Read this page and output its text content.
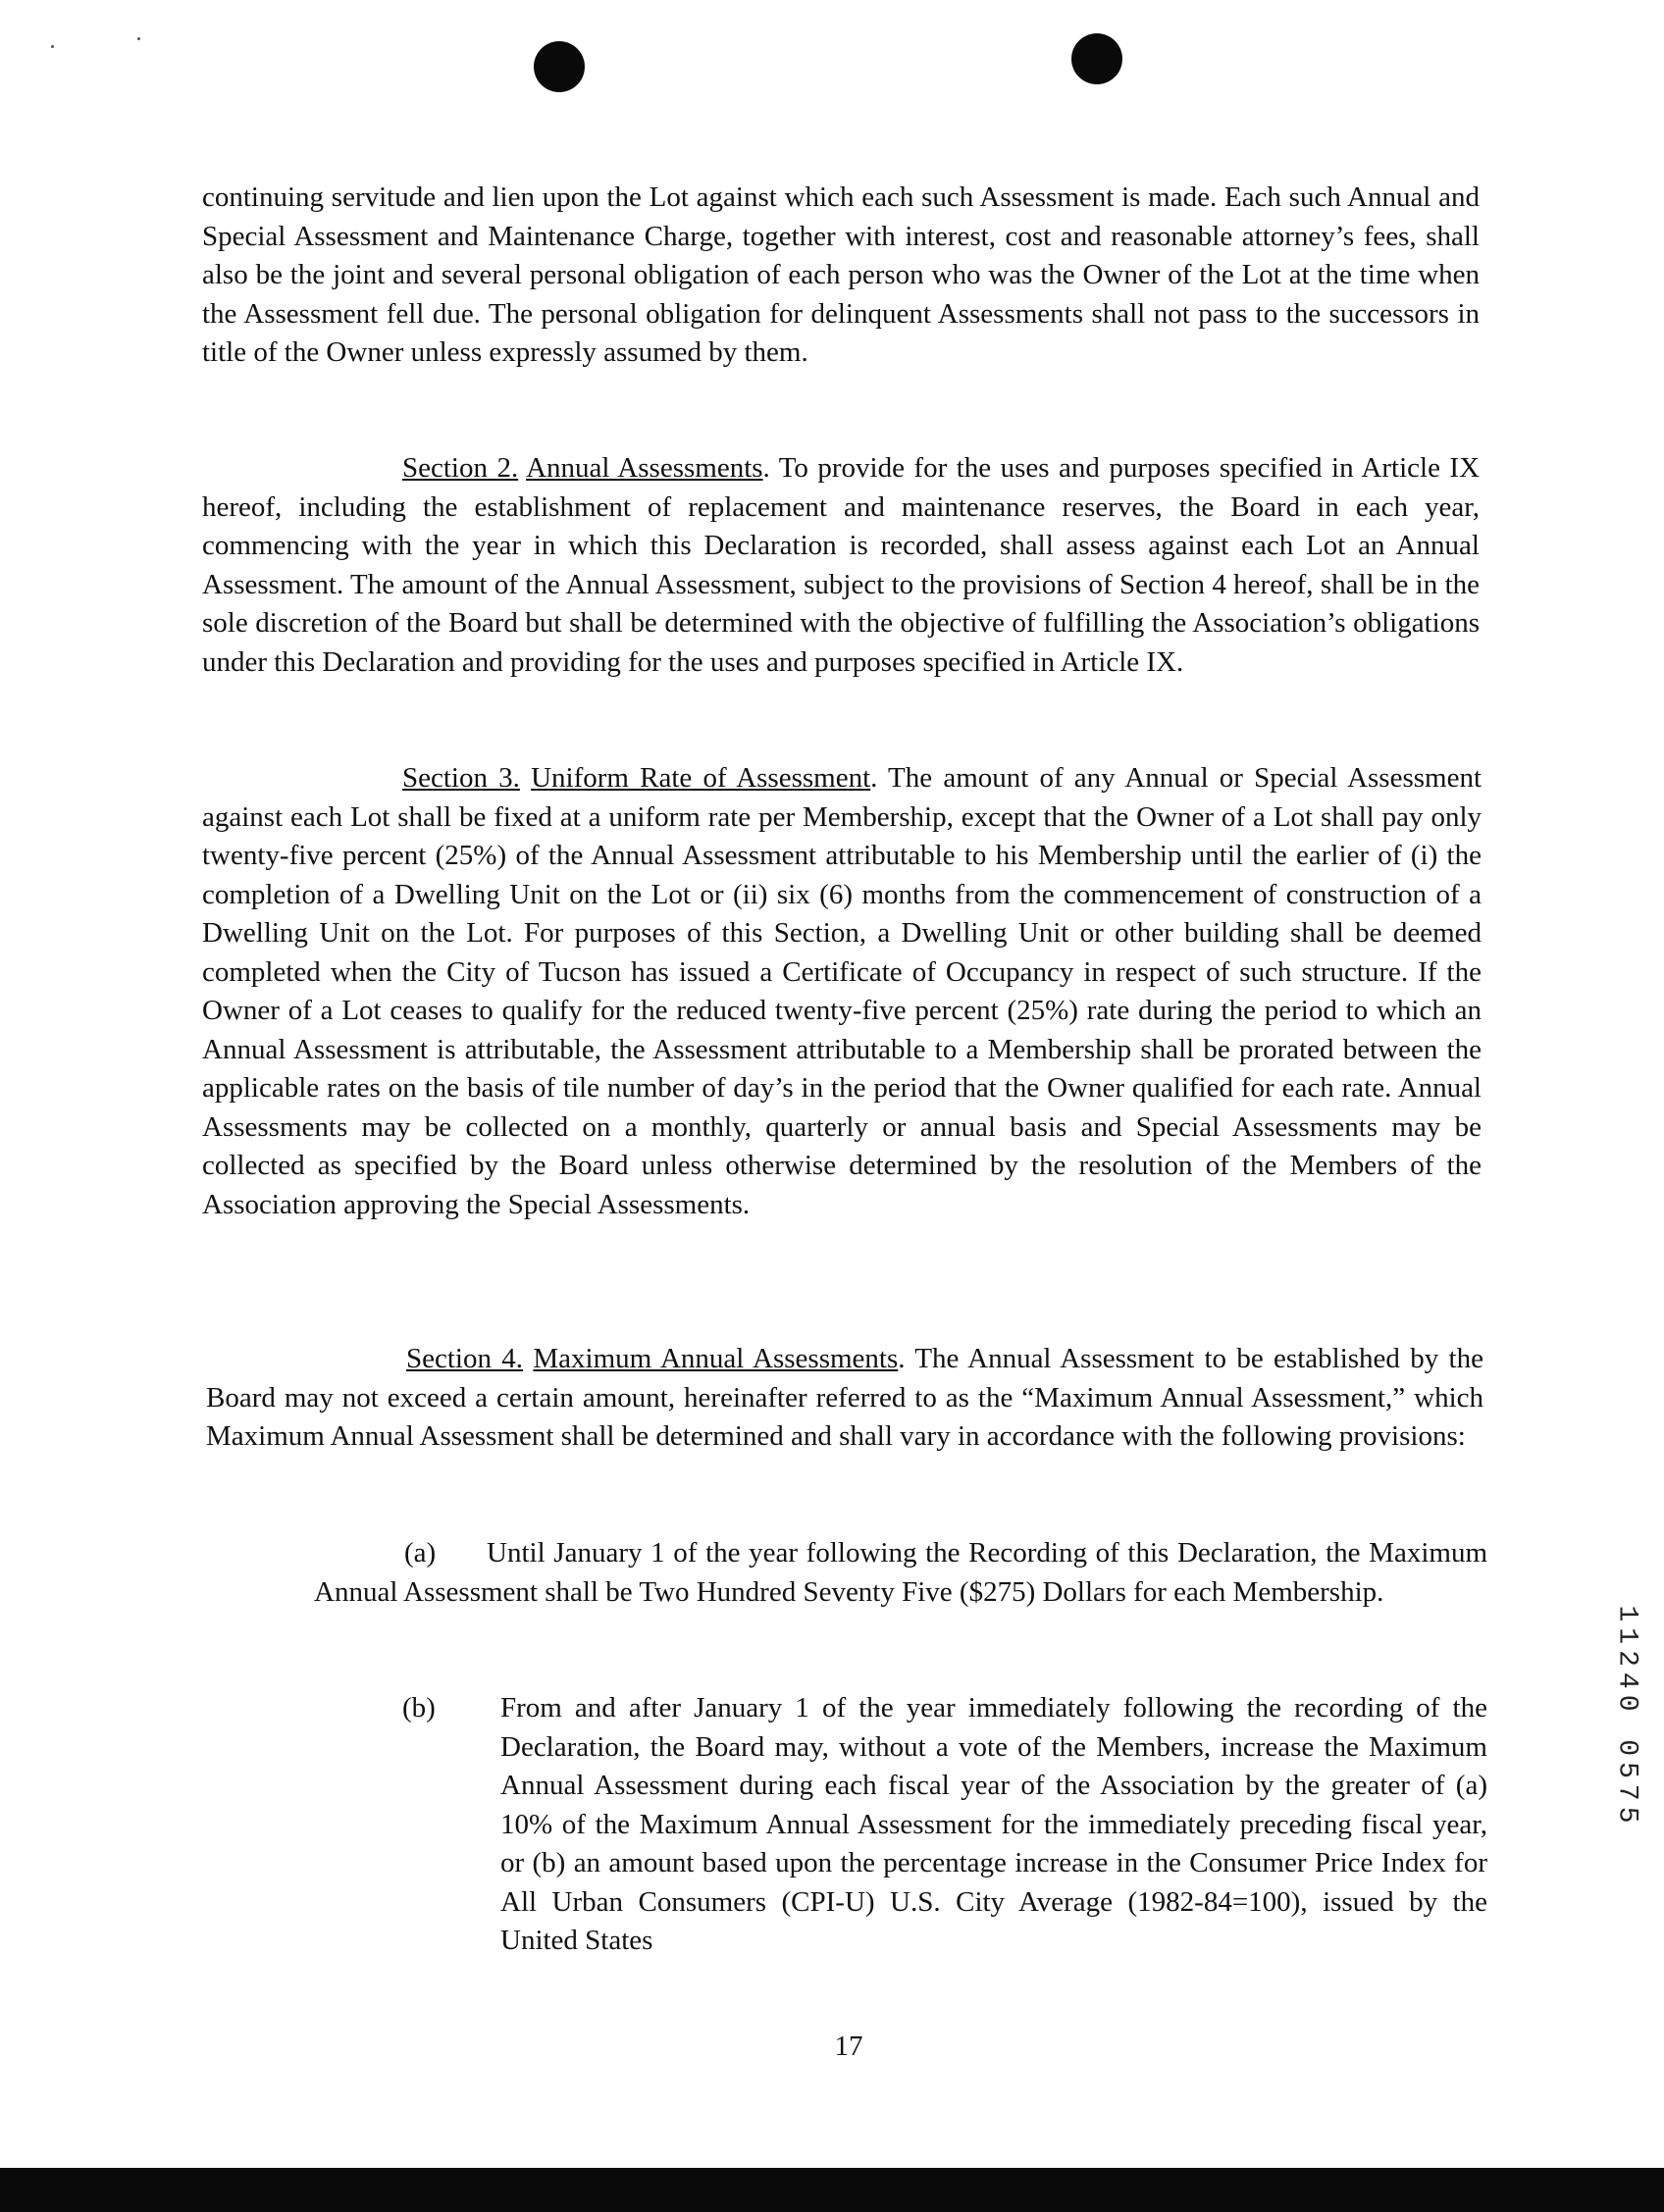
continuing servitude and lien upon the Lot against which each such Assessment is made. Each such Annual and Special Assessment and Maintenance Charge, together with interest, cost and reasonable attorney’s fees, shall also be the joint and several personal obligation of each person who was the Owner of the Lot at the time when the Assessment fell due. The personal obligation for delinquent Assessments shall not pass to the successors in title of the Owner unless expressly assumed by them.

Section 2. Annual Assessments. To provide for the uses and purposes specified in Article IX hereof, including the establishment of replacement and maintenance reserves, the Board in each year, commencing with the year in which this Declaration is recorded, shall assess against each Lot an Annual Assessment. The amount of the Annual Assessment, subject to the provisions of Section 4 hereof, shall be in the sole discretion of the Board but shall be determined with the objective of fulfilling the Association’s obligations under this Declaration and providing for the uses and purposes specified in Article IX.

Section 3. Uniform Rate of Assessment. The amount of any Annual or Special Assessment against each Lot shall be fixed at a uniform rate per Membership, except that the Owner of a Lot shall pay only twenty-five percent (25%) of the Annual Assessment attributable to his Membership until the earlier of (i) the completion of a Dwelling Unit on the Lot or (ii) six (6) months from the commencement of construction of a Dwelling Unit on the Lot. For purposes of this Section, a Dwelling Unit or other building shall be deemed completed when the City of Tucson has issued a Certificate of Occupancy in respect of such structure. If the Owner of a Lot ceases to qualify for the reduced twenty-five percent (25%) rate during the period to which an Annual Assessment is attributable, the Assessment attributable to a Membership shall be prorated between the applicable rates on the basis of tile number of day’s in the period that the Owner qualified for each rate. Annual Assessments may be collected on a monthly, quarterly or annual basis and Special Assessments may be collected as specified by the Board unless otherwise determined by the resolution of the Members of the Association approving the Special Assessments.

Section 4. Maximum Annual Assessments. The Annual Assessment to be established by the Board may not exceed a certain amount, hereinafter referred to as the “Maximum Annual Assessment,” which Maximum Annual Assessment shall be determined and shall vary in accordance with the following provisions:

(a) Until January 1 of the year following the Recording of this Declaration, the Maximum Annual Assessment shall be Two Hundred Seventy Five ($275) Dollars for each Membership.

(b) From and after January 1 of the year immediately following the recording of the Declaration, the Board may, without a vote of the Members, increase the Maximum Annual Assessment during each fiscal year of the Association by the greater of (a) 10% of the Maximum Annual Assessment for the immediately preceding fiscal year, or (b) an amount based upon the percentage increase in the Consumer Price Index for All Urban Consumers (CPI-U) U.S. City Average (1982-84=100), issued by the United States

17
11240 0575
